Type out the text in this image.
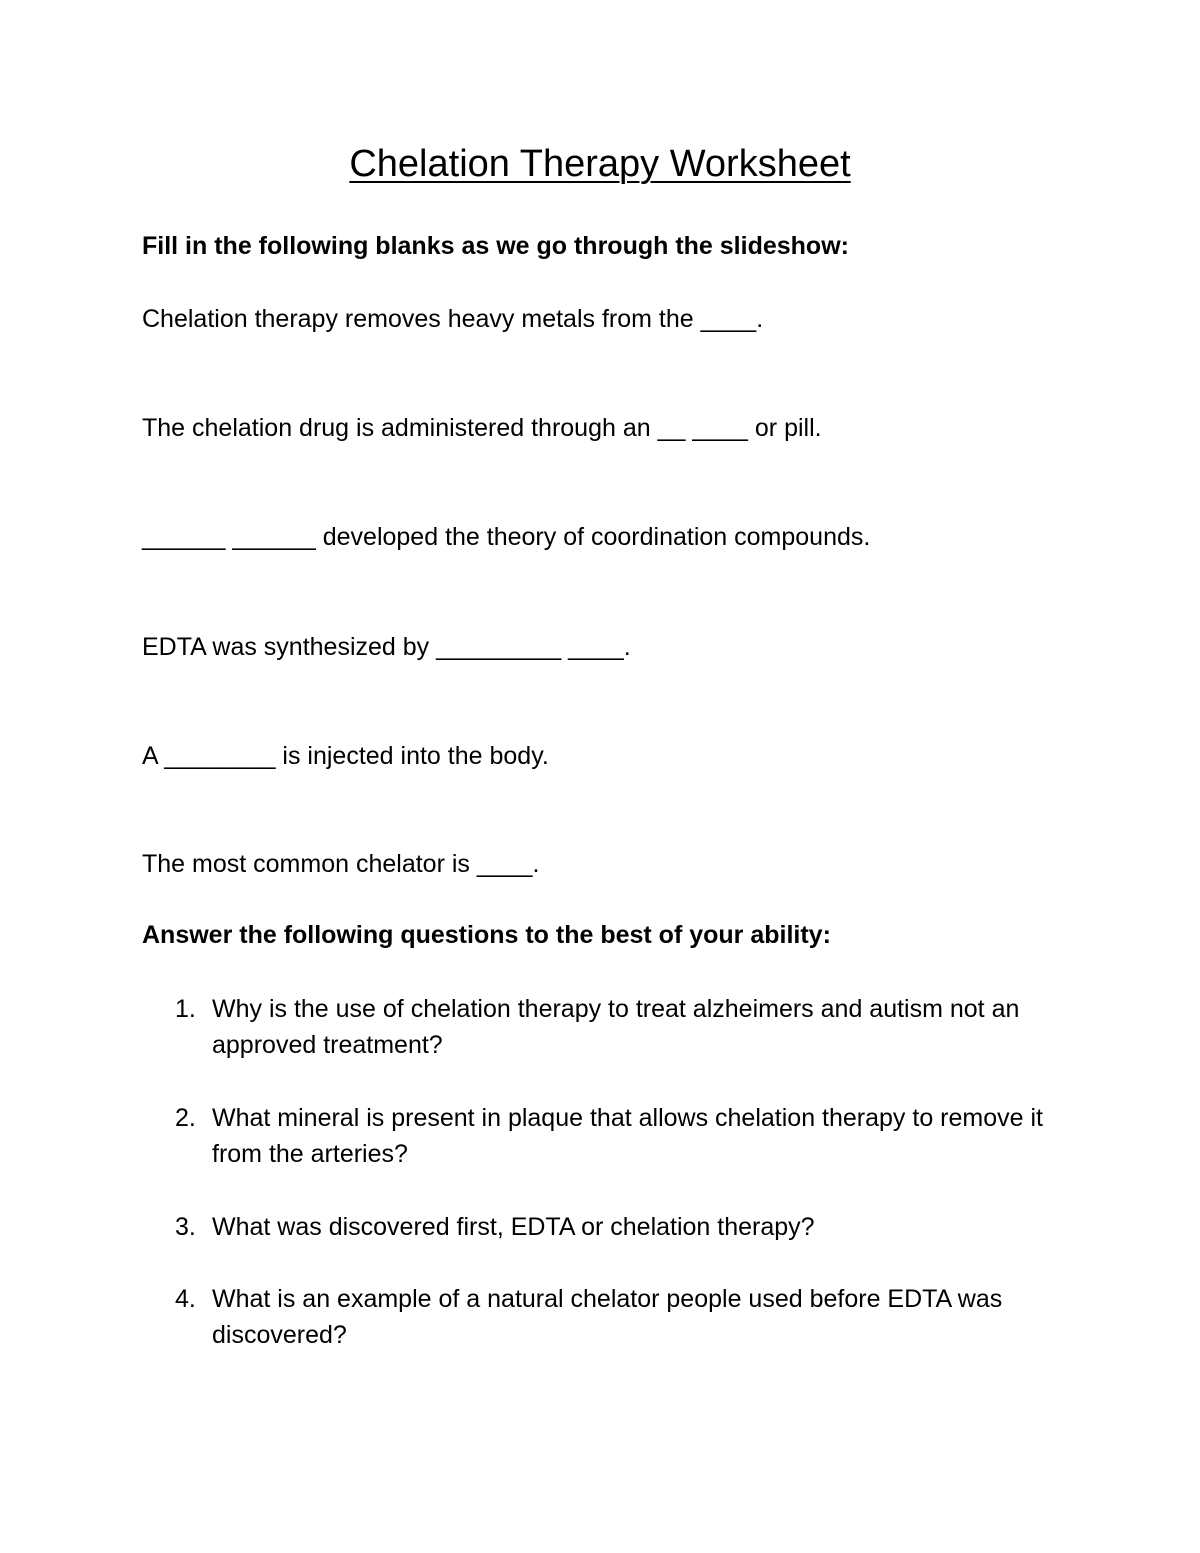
Chelation Therapy Worksheet
Fill in the following blanks as we go through the slideshow:
Chelation therapy removes heavy metals from the ____.
The chelation drug is administered through an __ ____ or pill.
______ ______ developed the theory of coordination compounds.
EDTA was synthesized by _________ ____.
A ________ is injected into the body.
The most common chelator is ____.
Answer the following questions to the best of your ability:
1. Why is the use of chelation therapy to treat alzheimers and autism not an approved treatment?
2. What mineral is present in plaque that allows chelation therapy to remove it from the arteries?
3. What was discovered first, EDTA or chelation therapy?
4. What is an example of a natural chelator people used before EDTA was discovered?
